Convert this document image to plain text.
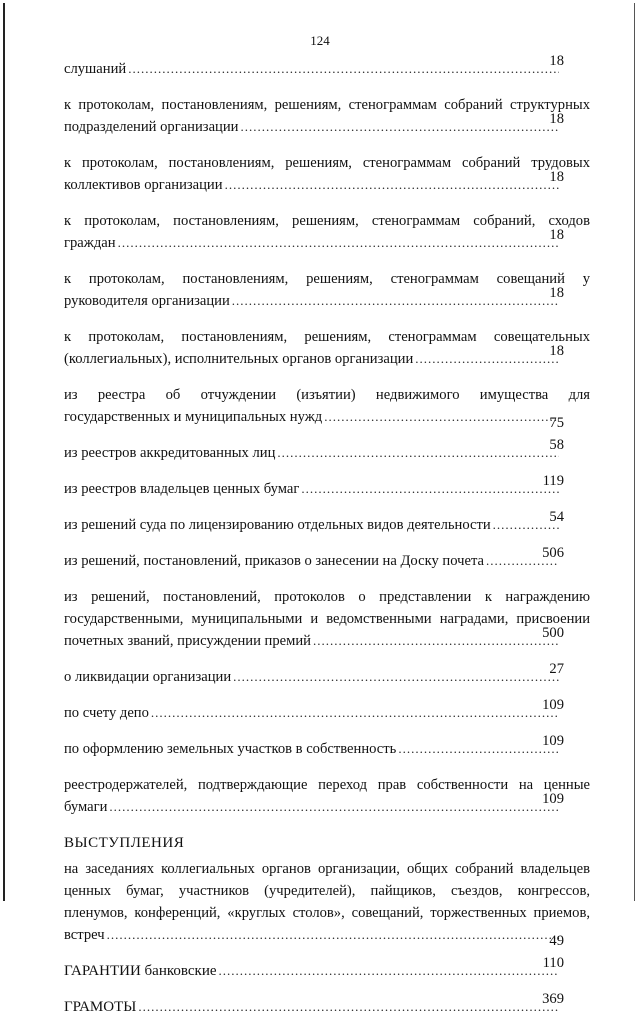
124
слушаний .....	18
к протоколам, постановлениям, решениям, стенограммам собраний структурных
подразделений организации .....	18
к протоколам, постановлениям, решениям, стенограммам собраний трудовых
коллективов организации .....	18
к протоколам, постановлениям, решениям, стенограммам собраний, сходов
граждан .....	18
к протоколам, постановлениям, решениям, стенограммам совещаний у
руководителя организации .....	18
к протоколам, постановлениям, решениям, стенограммам совещательных
(коллегиальных), исполнительных органов организации .....	18
из реестра об отчуждении (изъятии) недвижимого имущества для
государственных и муниципальных нужд .....	75
из реестров аккредитованных лиц .....	58
из реестров владельцев ценных бумаг .....	119
из решений суда по лицензированию отдельных видов деятельности .....	54
из решений, постановлений, приказов о занесении на Доску почета .....	506
из решений, постановлений, протоколов о представлении к награждению
государственными, муниципальными и ведомственными наградами, присвоении
почетных званий, присуждении премий .....	500
о ликвидации организации .....	27
по счету депо .....	109
по оформлению земельных участков в собственность .....	109
реестродержателей, подтверждающие переход прав собственности на ценные
бумаги .....	109
ВЫСТУПЛЕНИЯ
на заседаниях коллегиальных органов организации, общих собраний владельцев
ценных бумаг, участников (учредителей), пайщиков, съездов, конгрессов,
пленумов, конференций, «круглых столов», совещаний, торжественных приемов,
встреч .....	49
ГАРАНТИИ банковские .....	110
ГРАМОТЫ .....	369
